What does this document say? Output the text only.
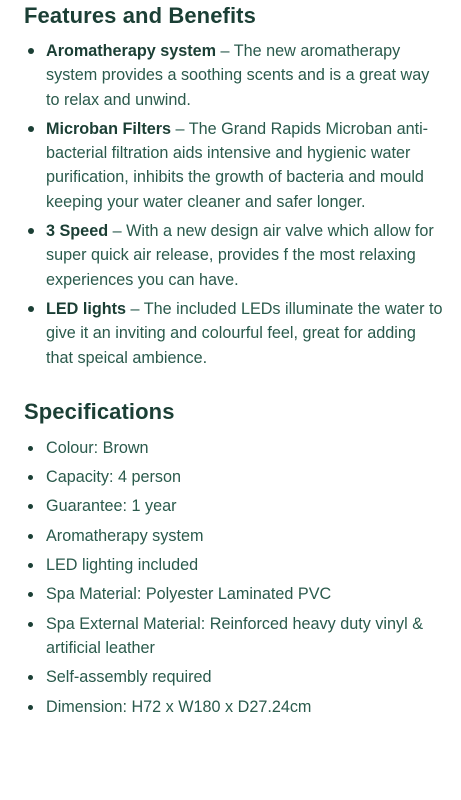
Features and Benefits
Aromatherapy system – The new aromatherapy system provides a soothing scents and is a great way to relax and unwind.
Microban Filters – The Grand Rapids Microban anti-bacterial filtration aids intensive and hygienic water purification, inhibits the growth of bacteria and mould keeping your water cleaner and safer longer.
3 Speed – With a new design air valve which allow for super quick air release, provides f the most relaxing experiences you can have.
LED lights – The included LEDs illuminate the water to give it an inviting and colourful feel, great for adding that speical ambience.
Specifications
Colour: Brown
Capacity: 4 person
Guarantee: 1 year
Aromatherapy system
LED lighting included
Spa Material: Polyester Laminated PVC
Spa External Material: Reinforced heavy duty vinyl & artificial leather
Self-assembly required
Dimension: H72 x W180 x D27.24cm
